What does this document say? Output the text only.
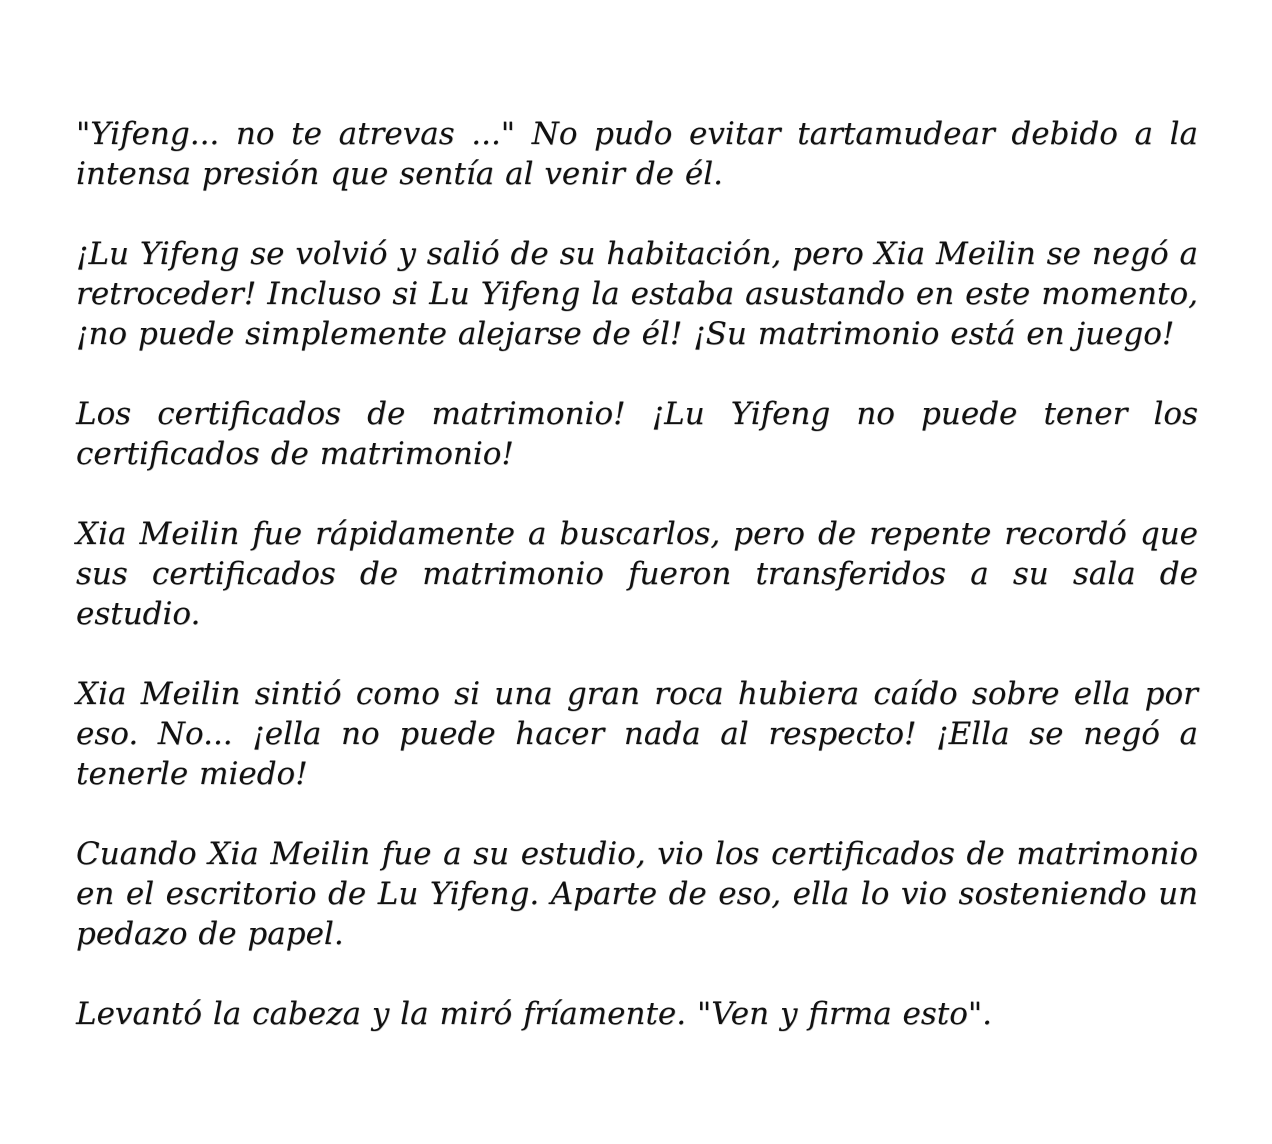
"Yifeng... no te atrevas ..." No pudo evitar tartamudear debido a la intensa presión que sentía al venir de él.

¡Lu Yifeng se volvió y salió de su habitación, pero Xia Meilin se negó a retroceder! Incluso si Lu Yifeng la estaba asustando en este momento, ¡no puede simplemente alejarse de él! ¡Su matrimonio está en juego!

Los certificados de matrimonio! ¡Lu Yifeng no puede tener los certificados de matrimonio!

Xia Meilin fue rápidamente a buscarlos, pero de repente recordó que sus certificados de matrimonio fueron transferidos a su sala de estudio.

Xia Meilin sintió como si una gran roca hubiera caído sobre ella por eso. No... ¡ella no puede hacer nada al respecto! ¡Ella se negó a tenerle miedo!

Cuando Xia Meilin fue a su estudio, vio los certificados de matrimonio en el escritorio de Lu Yifeng. Aparte de eso, ella lo vio sosteniendo un pedazo de papel.

Levantó la cabeza y la miró fríamente. "Ven y firma esto".
